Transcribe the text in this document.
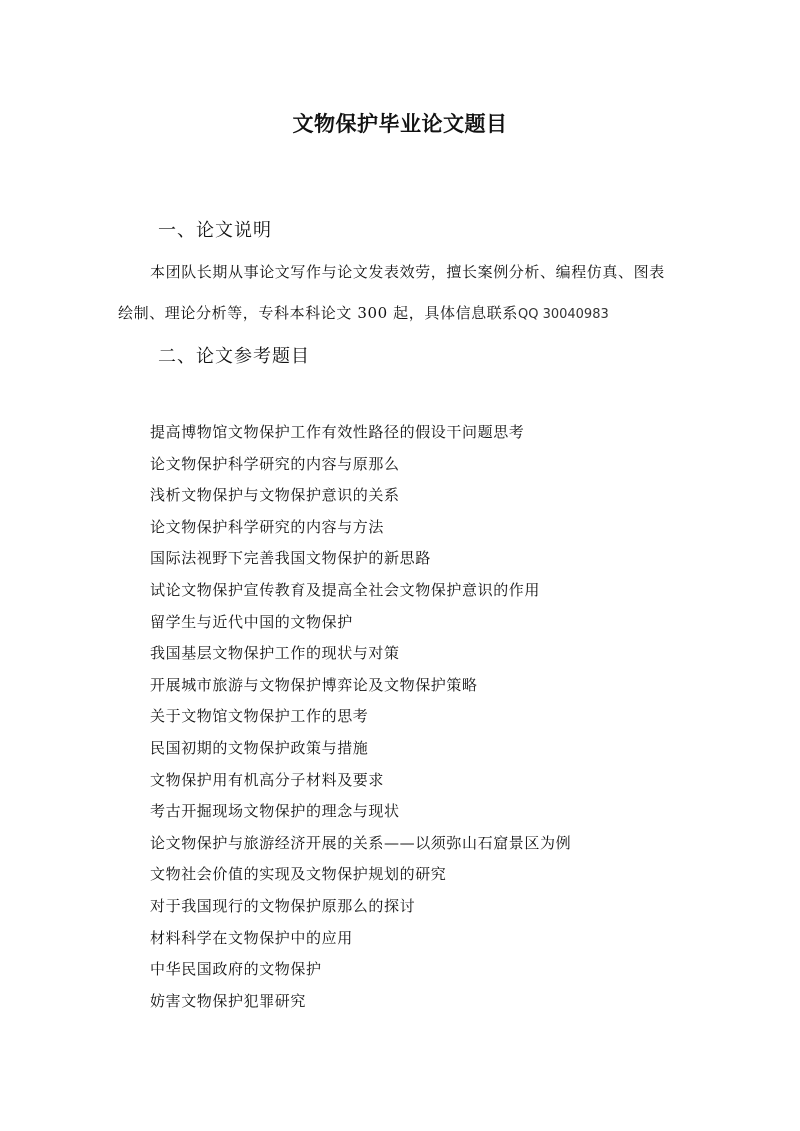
文物保护毕业论文题目
一、论文说明
本团队长期从事论文写作与论文发表效劳，擅长案例分析、编程仿真、图表
绘制、理论分析等，专科本科论文 300 起，具体信息联系QQ 30040983
二、论文参考题目
提高博物馆文物保护工作有效性路径的假设干问题思考
论文物保护科学研究的内容与原那么
浅析文物保护与文物保护意识的关系
论文物保护科学研究的内容与方法
国际法视野下完善我国文物保护的新思路
试论文物保护宣传教育及提高全社会文物保护意识的作用
留学生与近代中国的文物保护
我国基层文物保护工作的现状与对策
开展城市旅游与文物保护博弈论及文物保护策略
关于文物馆文物保护工作的思考
民国初期的文物保护政策与措施
文物保护用有机高分子材料及要求
考古开掘现场文物保护的理念与现状
论文物保护与旅游经济开展的关系——以须弥山石窟景区为例
文物社会价值的实现及文物保护规划的研究
对于我国现行的文物保护原那么的探讨
材料科学在文物保护中的应用
中华民国政府的文物保护
妨害文物保护犯罪研究
